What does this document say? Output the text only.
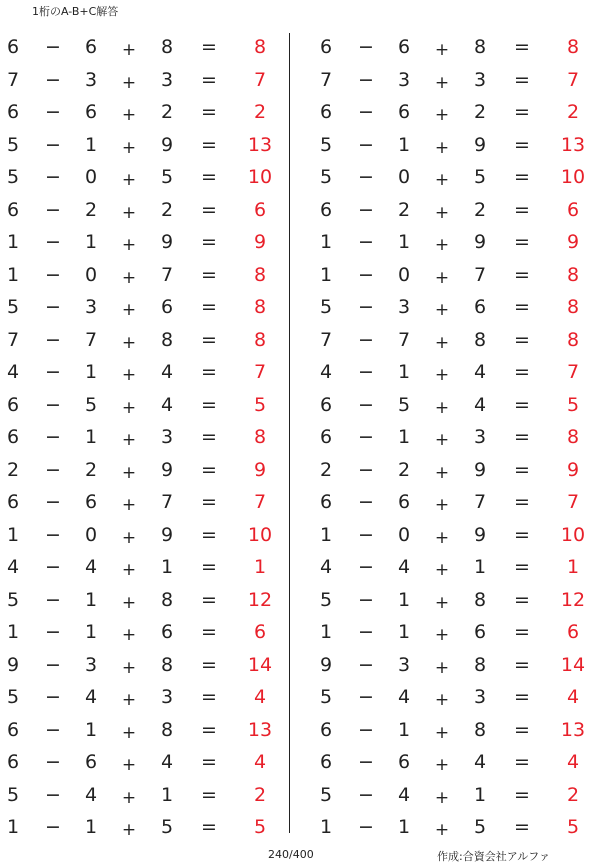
1桁のA-B+C解答
6	−	6	+	8	=	8
7	−	3	+	3	=	7
6	−	6	+	2	=	2
5	−	1	+	9	=	13
5	−	0	+	5	=	10
6	−	2	+	2	=	6
1	−	1	+	9	=	9
1	−	0	+	7	=	8
5	−	3	+	6	=	8
7	−	7	+	8	=	8
4	−	1	+	4	=	7
6	−	5	+	4	=	5
6	−	1	+	3	=	8
2	−	2	+	9	=	9
6	−	6	+	7	=	7
1	−	0	+	9	=	10
4	−	4	+	1	=	1
5	−	1	+	8	=	12
1	−	1	+	6	=	6
9	−	3	+	8	=	14
5	−	4	+	3	=	4
6	−	1	+	8	=	13
6	−	6	+	4	=	4
5	−	4	+	1	=	2
1	−	1	+	5	=	5
6	−	6	+	8	=	8
7	−	3	+	3	=	7
6	−	6	+	2	=	2
5	−	1	+	9	=	13
5	−	0	+	5	=	10
6	−	2	+	2	=	6
1	−	1	+	9	=	9
1	−	0	+	7	=	8
5	−	3	+	6	=	8
7	−	7	+	8	=	8
4	−	1	+	4	=	7
6	−	5	+	4	=	5
6	−	1	+	3	=	8
2	−	2	+	9	=	9
6	−	6	+	7	=	7
1	−	0	+	9	=	10
4	−	4	+	1	=	1
5	−	1	+	8	=	12
1	−	1	+	6	=	6
9	−	3	+	8	=	14
5	−	4	+	3	=	4
6	−	1	+	8	=	13
6	−	6	+	4	=	4
5	−	4	+	1	=	2
1	−	1	+	5	=	5
240/400	作成:合資会社アルファ
